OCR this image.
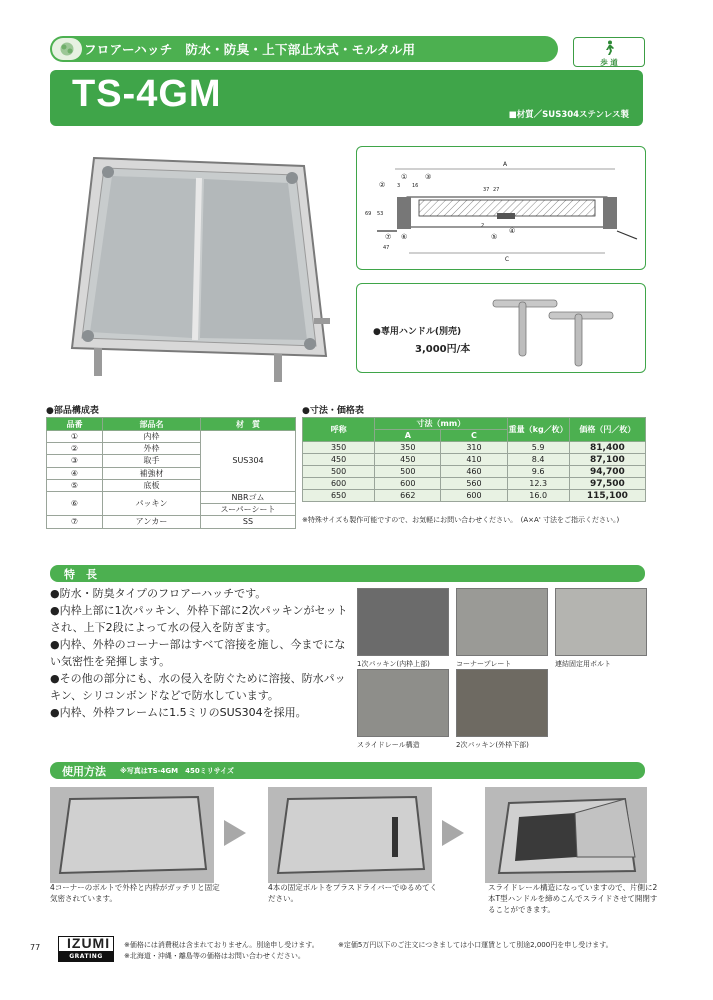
フロアーハッチ　防水・防臭・上下部止水式・モルタル用
歩 道
TS-4GM	■材質／SUS304ステンレス製
A
C
3 16
37 27
69 53
47
2
①
②
③
④
⑤
⑥
⑦
●専用ハンドル(別売)
3,000円/本
●部品構成表
品番	部品名	材　質
①	内枠	SUS304
②	外枠	
③	取手	
④	補強材	
⑤	底板	
⑥	パッキン	NBRゴム
		スーパーシート
⑦	アンカー	SS
●寸法・価格表
呼称	寸法（mm）		重量（kg／枚）	価格（円／枚）
	A	C		
350	350	310	5.9	81,400
450	450	410	8.4	87,100
500	500	460	9.6	94,700
600	600	560	12.3	97,500
650	662	600	16.0	115,100
※特殊サイズも製作可能ですので、お気軽にお問い合わせください。　(A×A' 寸法をご指示ください。)
特　長
●防水・防臭タイプのフロアーハッチです。
●内枠上部に1次パッキン、外枠下部に2次パッキンがセットされ、上下2段によって水の侵入を防ぎます。
●内枠、外枠のコーナー部はすべて溶接を施し、今までにない気密性を発揮します。
●その他の部分にも、水の侵入を防ぐために溶接、防水パッキン、シリコンボンドなどで防水しています。
●内枠、外枠フレームに1.5ミリのSUS304を採用。
1次パッキン(内枠上部)	コーナープレート	連結固定用ボルト
スライドレール構造	2次パッキン(外枠下部)
使用方法 ※写真はTS-4GM　450ミリサイズ
4コーナーのボルトで外枠と内枠がガッチリと固定気密されています。
4本の固定ボルトをプラスドライバーでゆるめてください。
スライドレール構造になっていますので、片側に2本T型ハンドルを締めこんでスライドさせて開閉することができます。
77	IZUMI
GRATING
※価格には消費税は含まれておりません。別途申し受けます。
※北海道・沖縄・離島等の価格はお問い合わせください。
※定価5万円以下のご注文につきましては小口運賃として別途2,000円を申し受けます。
